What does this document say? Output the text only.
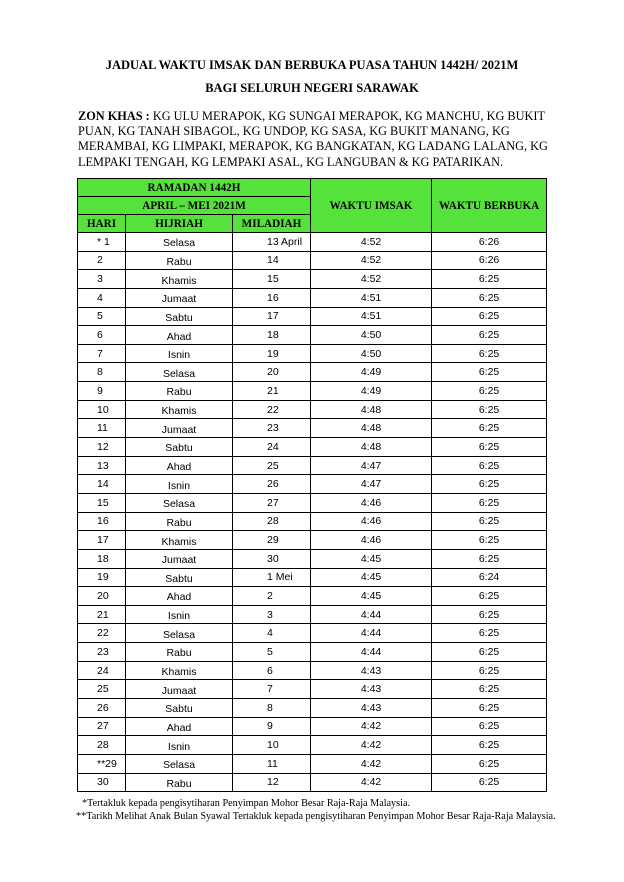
JADUAL WAKTU IMSAK DAN BERBUKA PUASA TAHUN 1442H/ 2021M
BAGI SELURUH NEGERI SARAWAK
ZON KHAS : KG ULU MERAPOK, KG SUNGAI MERAPOK, KG MANCHU, KG BUKIT PUAN, KG TANAH SIBAGOL, KG UNDOP, KG SASA, KG BUKIT MANANG, KG MERAMBAI, KG LIMPAKI, MERAPOK, KG BANGKATAN, KG LADANG LALANG, KG LEMPAKI TENGAH, KG LEMPAKI ASAL, KG LANGUBAN & KG PATARIKAN.
RAMADAN 1442H			WAKTU IMSAK	WAKTU BERBUKA
APRIL – MEI 2021M				
HARI	HIJRIAH	MILADIAH		
* 1	Selasa	13 April	4:52	6:26
2	Rabu	14	4:52	6:26
3	Khamis	15	4:52	6:25
4	Jumaat	16	4:51	6:25
5	Sabtu	17	4:51	6:25
6	Ahad	18	4:50	6:25
7	Isnin	19	4:50	6:25
8	Selasa	20	4:49	6:25
9	Rabu	21	4:49	6:25
10	Khamis	22	4:48	6:25
11	Jumaat	23	4:48	6:25
12	Sabtu	24	4:48	6:25
13	Ahad	25	4:47	6:25
14	Isnin	26	4:47	6:25
15	Selasa	27	4:46	6:25
16	Rabu	28	4:46	6:25
17	Khamis	29	4:46	6:25
18	Jumaat	30	4:45	6:25
19	Sabtu	1 Mei	4:45	6:24
20	Ahad	2	4:45	6:25
21	Isnin	3	4:44	6:25
22	Selasa	4	4:44	6:25
23	Rabu	5	4:44	6:25
24	Khamis	6	4:43	6:25
25	Jumaat	7	4:43	6:25
26	Sabtu	8	4:43	6:25
27	Ahad	9	4:42	6:25
28	Isnin	10	4:42	6:25
**29	Selasa	11	4:42	6:25
30	Rabu	12	4:42	6:25
*Tertakluk kepada pengisytiharan Penyimpan Mohor Besar Raja-Raja Malaysia.
**Tarikh Melihat Anak Bulan Syawal Tertakluk kepada pengisytiharan Penyimpan Mohor Besar Raja-Raja Malaysia.
